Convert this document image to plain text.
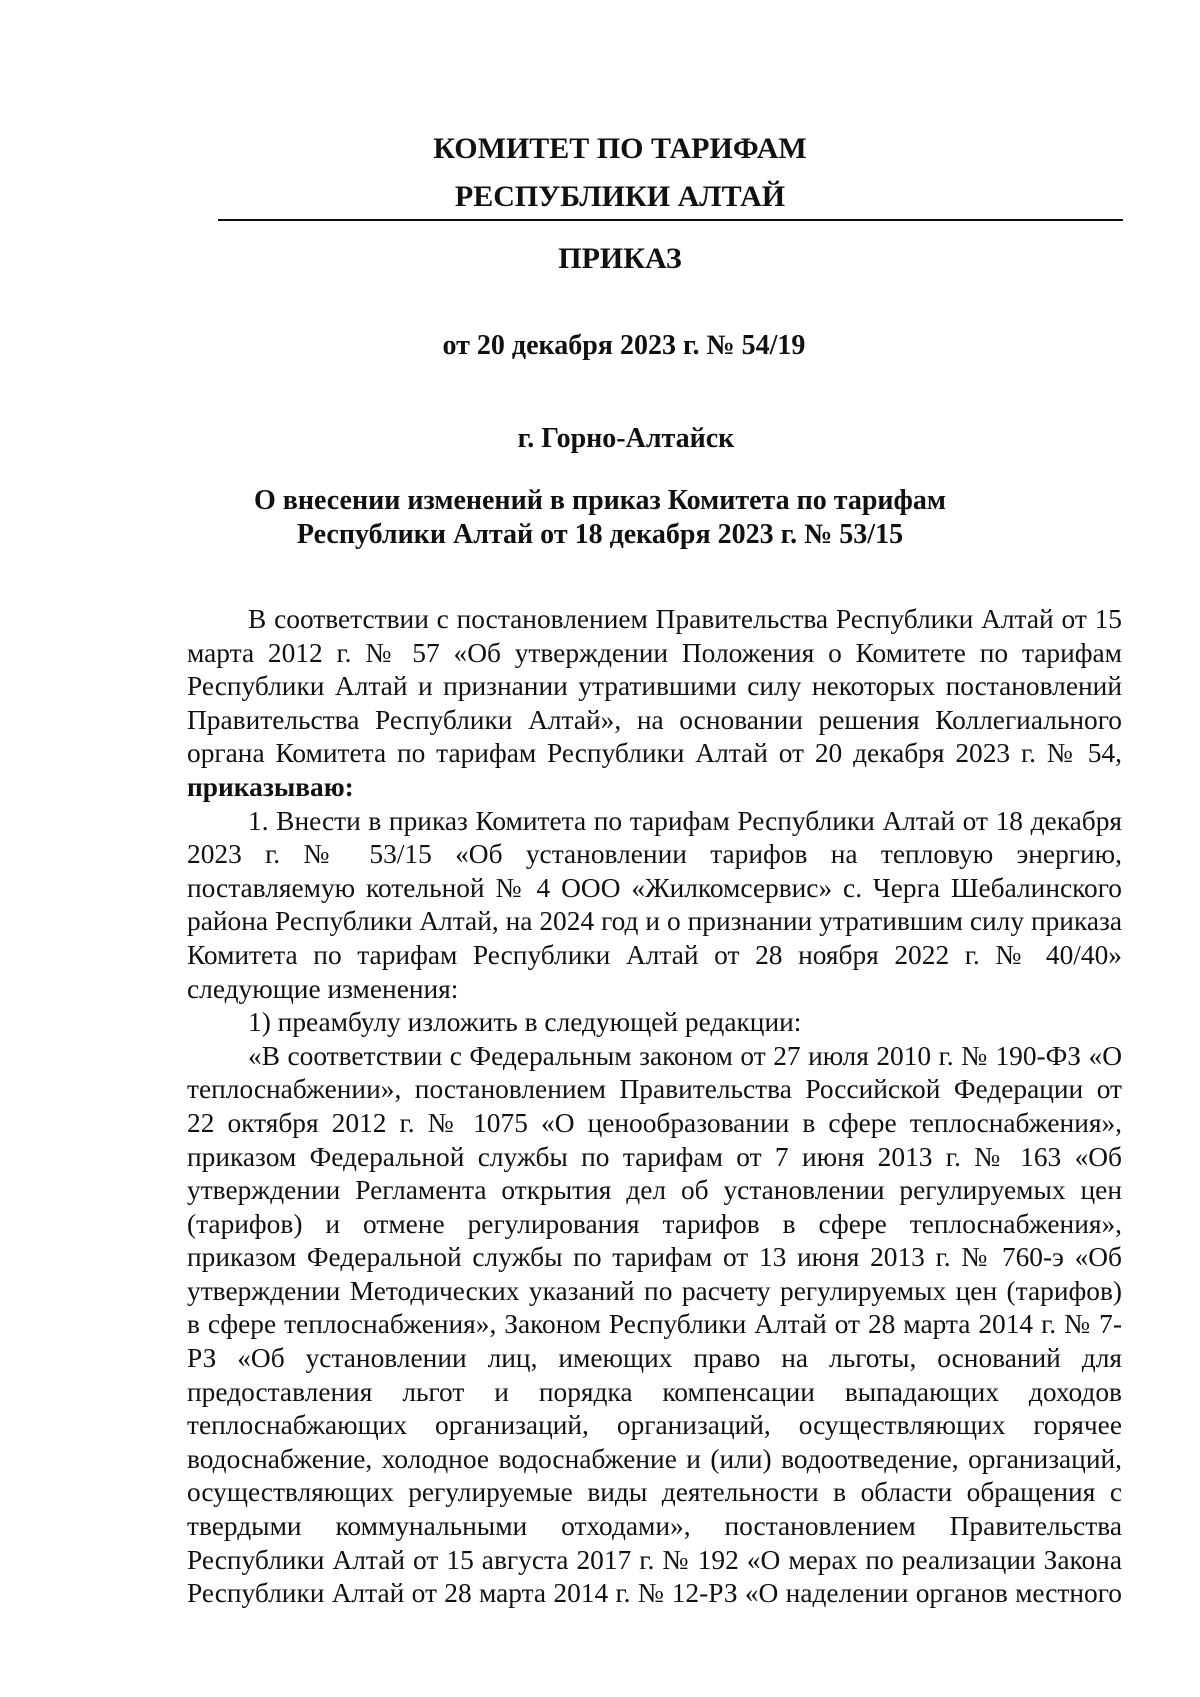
КОМИТЕТ ПО ТАРИФАМ
РЕСПУБЛИКИ АЛТАЙ
ПРИКАЗ
от 20 декабря 2023 г. № 54/19
г. Горно-Алтайск
О внесении изменений в приказ Комитета по тарифам
Республики Алтай от 18 декабря 2023 г. № 53/15

В соответствии с постановлением Правительства Республики Алтай от 15 марта 2012 г. № 57 «Об утверждении Положения о Комитете по тарифам Республики Алтай и признании утратившими силу некоторых постановлений Правительства Республики Алтай», на основании решения Коллегиального органа Комитета по тарифам Республики Алтай от 20 декабря 2023 г. № 54, приказываю:

1. Внести в приказ Комитета по тарифам Республики Алтай от 18 декабря 2023 г. № 53/15 «Об установлении тарифов на тепловую энергию, поставляемую котельной № 4 ООО «Жилкомсервис» с. Черга Шебалинского района Республики Алтай, на 2024 год и о признании утратившим силу приказа Комитета по тарифам Республики Алтай от 28 ноября 2022 г. № 40/40» следующие изменения:

1) преамбулу изложить в следующей редакции:

«В соответствии с Федеральным законом от 27 июля 2010 г. № 190-ФЗ «О теплоснабжении», постановлением Правительства Российской Федерации от 22 октября 2012 г. № 1075 «О ценообразовании в сфере теплоснабжения», приказом Федеральной службы по тарифам от 7 июня 2013 г. № 163 «Об утверждении Регламента открытия дел об установлении регулируемых цен (тарифов) и отмене регулирования тарифов в сфере теплоснабжения», приказом Федеральной службы по тарифам от 13 июня 2013 г. № 760-э «Об утверждении Методических указаний по расчету регулируемых цен (тарифов) в сфере теплоснабжения», Законом Республики Алтай от 28 марта 2014 г. № 7-РЗ «Об установлении лиц, имеющих право на льготы, оснований для предоставления льгот и порядка компенсации выпадающих доходов теплоснабжающих организаций, организаций, осуществляющих горячее водоснабжение, холодное водоснабжение и (или) водоотведение, организаций, осуществляющих регулируемые виды деятельности в области обращения с твердыми коммунальными отходами», постановлением Правительства Республики Алтай от 15 августа 2017 г. № 192 «О мерах по реализации Закона Республики Алтай от 28 марта 2014 г. № 12-РЗ «О наделении органов местного
